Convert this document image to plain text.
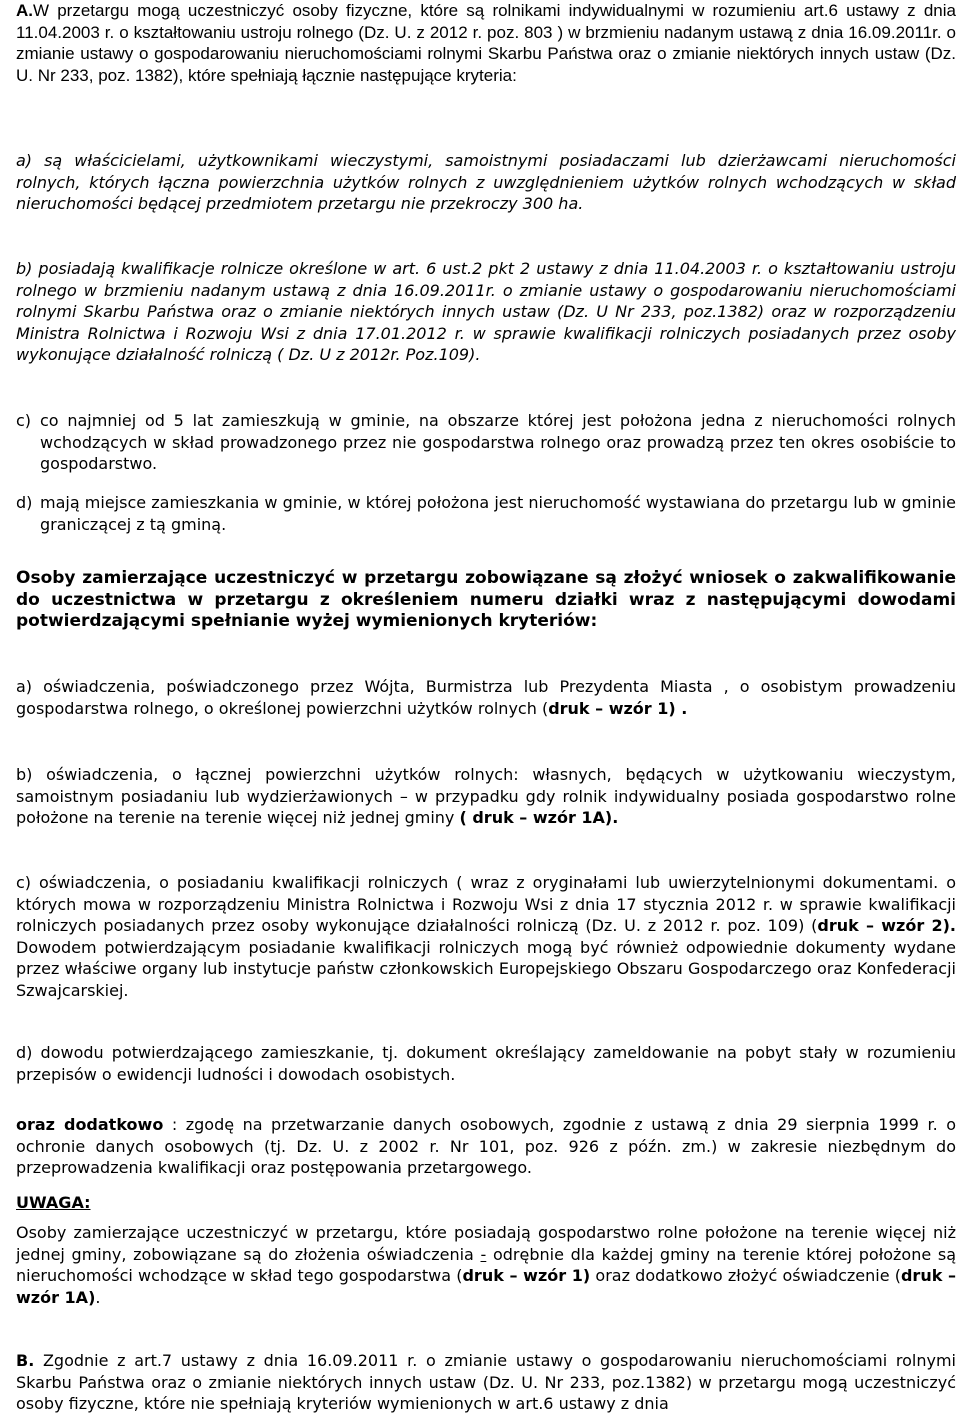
A.W przetargu mogą uczestniczyć osoby fizyczne, które są rolnikami indywidualnymi w rozumieniu art.6 ustawy z dnia 11.04.2003 r. o kształtowaniu ustroju rolnego (Dz. U. z 2012 r. poz. 803 ) w brzmieniu nadanym ustawą z dnia 16.09.2011r. o zmianie ustawy o gospodarowaniu nieruchomościami rolnymi Skarbu Państwa oraz o zmianie niektórych innych ustaw (Dz. U. Nr 233, poz. 1382), które spełniają łącznie następujące kryteria:
a) są właścicielami, użytkownikami wieczystymi, samoistnymi posiadaczami lub dzierżawcami nieruchomości rolnych, których łączna powierzchnia użytków rolnych z uwzględnieniem użytków rolnych wchodzących w skład nieruchomości będącej przedmiotem przetargu nie przekroczy 300 ha.
b) posiadają kwalifikacje rolnicze określone w art. 6 ust.2 pkt 2 ustawy z dnia 11.04.2003 r. o kształtowaniu ustroju rolnego w brzmieniu nadanym ustawą z dnia 16.09.2011r. o zmianie ustawy o gospodarowaniu nieruchomościami rolnymi Skarbu Państwa oraz o zmianie niektórych innych ustaw (Dz. U Nr 233, poz.1382) oraz w rozporządzeniu Ministra Rolnictwa i Rozwoju Wsi z dnia 17.01.2012 r. w sprawie kwalifikacji rolniczych posiadanych przez osoby wykonujące działalność rolniczą ( Dz. U z 2012r. Poz.109).
c) co najmniej od 5 lat zamieszkują w gminie, na obszarze której jest położona jedna z nieruchomości rolnych wchodzących w skład prowadzonego przez nie gospodarstwa rolnego oraz prowadzą przez ten okres osobiście to gospodarstwo.
d) mają miejsce zamieszkania w gminie, w której położona jest nieruchomość wystawiana do przetargu lub w gminie graniczącej z tą gminą.
Osoby zamierzające uczestniczyć w przetargu zobowiązane są złożyć wniosek o zakwalifikowanie do uczestnictwa w przetargu z określeniem numeru działki wraz z następującymi dowodami potwierdzającymi spełnianie wyżej wymienionych kryteriów:
a) oświadczenia, poświadczonego przez Wójta, Burmistrza lub Prezydenta Miasta , o osobistym prowadzeniu gospodarstwa rolnego, o określonej powierzchni użytków rolnych (druk – wzór 1) .
b) oświadczenia, o łącznej powierzchni użytków rolnych: własnych, będących w użytkowaniu wieczystym, samoistnym posiadaniu lub wydzierżawionych – w przypadku gdy rolnik indywidualny posiada gospodarstwo rolne położone na terenie na terenie więcej niż jednej gminy ( druk – wzór 1A).
c) oświadczenia, o posiadaniu kwalifikacji rolniczych ( wraz z oryginałami lub uwierzytelnionymi dokumentami. o których mowa w rozporządzeniu Ministra Rolnictwa i Rozwoju Wsi z dnia 17 stycznia 2012 r. w sprawie kwalifikacji rolniczych posiadanych przez osoby wykonujące działalności rolniczą (Dz. U. z 2012 r. poz. 109) (druk – wzór 2). Dowodem potwierdzającym posiadanie kwalifikacji rolniczych mogą być również odpowiednie dokumenty wydane przez właściwe organy lub instytucje państw członkowskich Europejskiego Obszaru Gospodarczego oraz Konfederacji Szwajcarskiej.
d) dowodu potwierdzającego zamieszkanie, tj. dokument określający zameldowanie na pobyt stały w rozumieniu przepisów o ewidencji ludności i dowodach osobistych.
oraz dodatkowo : zgodę na przetwarzanie danych osobowych, zgodnie z ustawą z dnia 29 sierpnia 1999 r. o ochronie danych osobowych (tj. Dz. U. z 2002 r. Nr 101, poz. 926 z późn. zm.) w zakresie niezbędnym do przeprowadzenia kwalifikacji oraz postępowania przetargowego.
UWAGA:
Osoby zamierzające uczestniczyć w przetargu, które posiadają gospodarstwo rolne położone na terenie więcej niż jednej gminy, zobowiązane są do złożenia oświadczenia - odrębnie dla każdej gminy na terenie której położone są nieruchomości wchodzące w skład tego gospodarstwa (druk – wzór 1) oraz dodatkowo złożyć oświadczenie (druk – wzór 1A).
B. Zgodnie z art.7 ustawy z dnia 16.09.2011 r. o zmianie ustawy o gospodarowaniu nieruchomościami rolnymi Skarbu Państwa oraz o zmianie niektórych innych ustaw (Dz. U. Nr 233, poz.1382) w przetargu mogą uczestniczyć osoby fizyczne, które nie spełniają kryteriów wymienionych w art.6 ustawy z dnia
